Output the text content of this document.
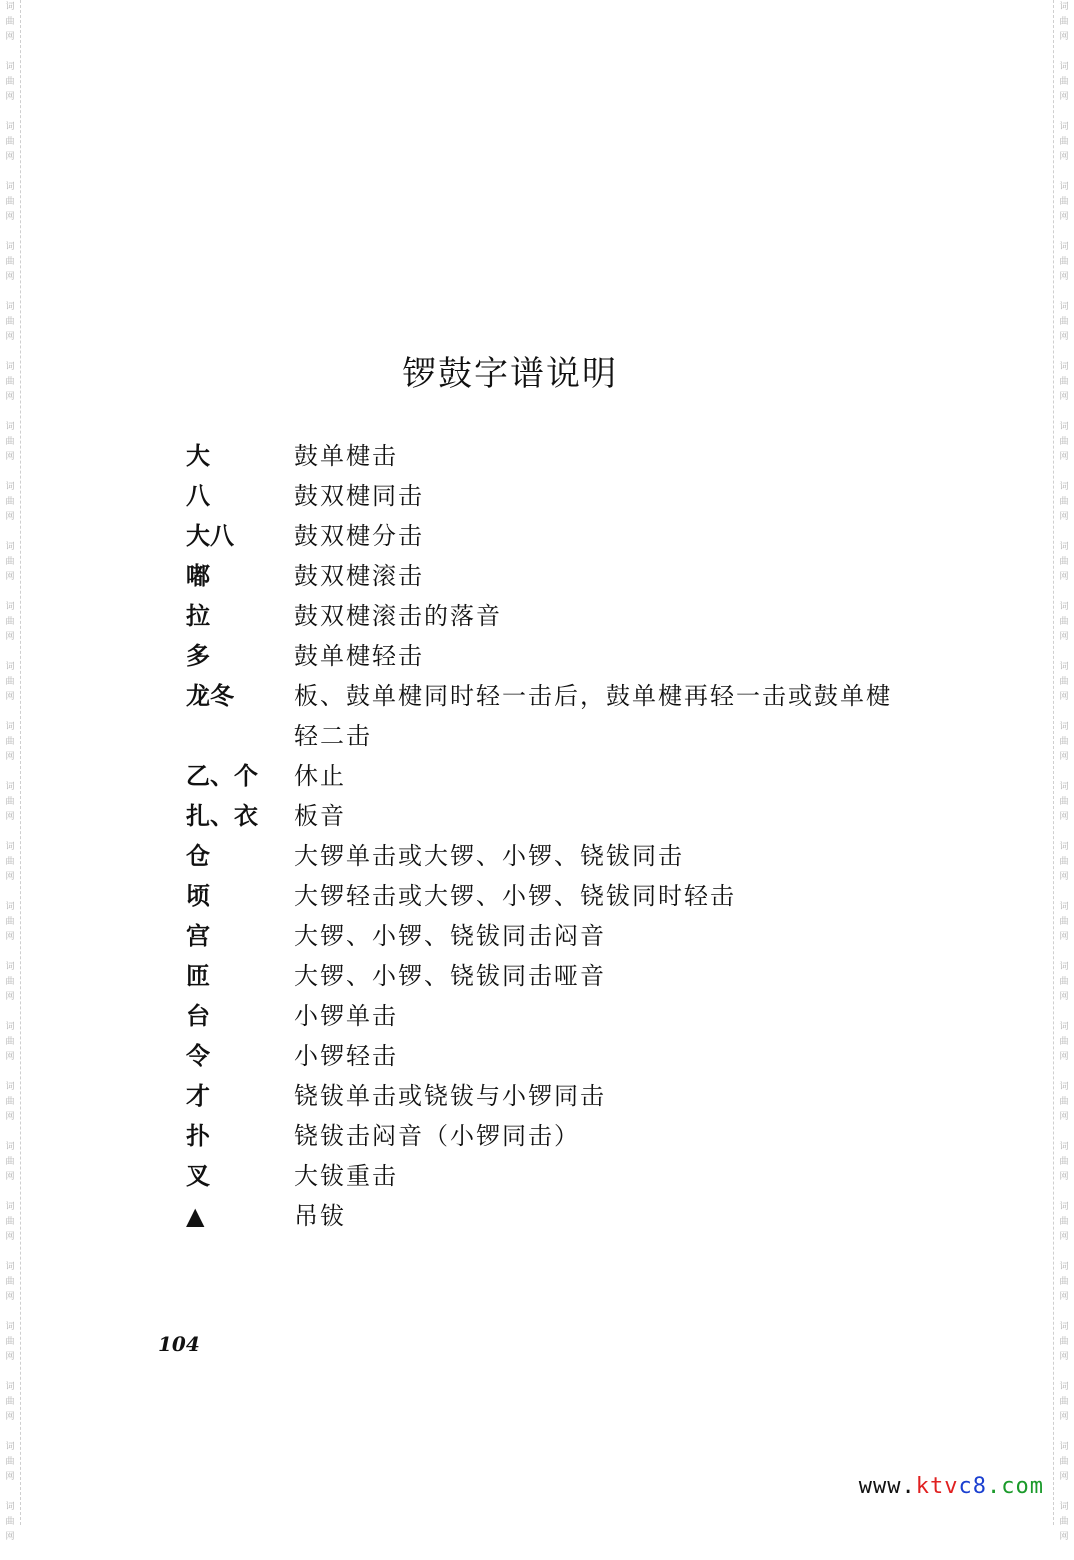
词
曲
网
词
曲
网
词
曲
网
词
曲
网
词
曲
网
词
曲
网
词
曲
网
词
曲
网
词
曲
网
词
曲
网
词
曲
网
词
曲
网
词
曲
网
词
曲
网
词
曲
网
词
曲
网
词
曲
网
词
曲
网
词
曲
网
词
曲
网
词
曲
网
词
曲
网
词
曲
网
词
曲
网
词
曲
网
词
曲
网
词
曲
网
词
曲
网
词
曲
网
词
曲
网
词
曲
网
词
曲
网
词
曲
网
词
曲
网
词
曲
网
词
曲
网
词
曲
网
词
曲
网
词
曲
网
词
曲
网
词
曲
网
词
曲
网
词
曲
网
词
曲
网
词
曲
网
词
曲
网
词
曲
网
词
曲
网
词
曲
网
词
曲
网
词
曲
网
词
曲
网
锣鼓字谱说明
大	鼓单楗击
八	鼓双楗同击
大八	鼓双楗分击
嘟	鼓双楗滚击
拉	鼓双楗滚击的落音
多	鼓单楗轻击
龙冬	板、鼓单楗同时轻一击后，鼓单楗再轻一击或鼓单楗轻二击
乙、个	休止
扎、衣	板音
仓	大锣单击或大锣、小锣、铙钹同击
顷	大锣轻击或大锣、小锣、铙钹同时轻击
宫	大锣、小锣、铙钹同击闷音
匝	大锣、小锣、铙钹同击哑音
台	小锣单击
令	小锣轻击
才	铙钹单击或铙钹与小锣同击
扑	铙钹击闷音（小锣同击）
叉	大钹重击
▲	吊钹
104
www.ktvc8.com
